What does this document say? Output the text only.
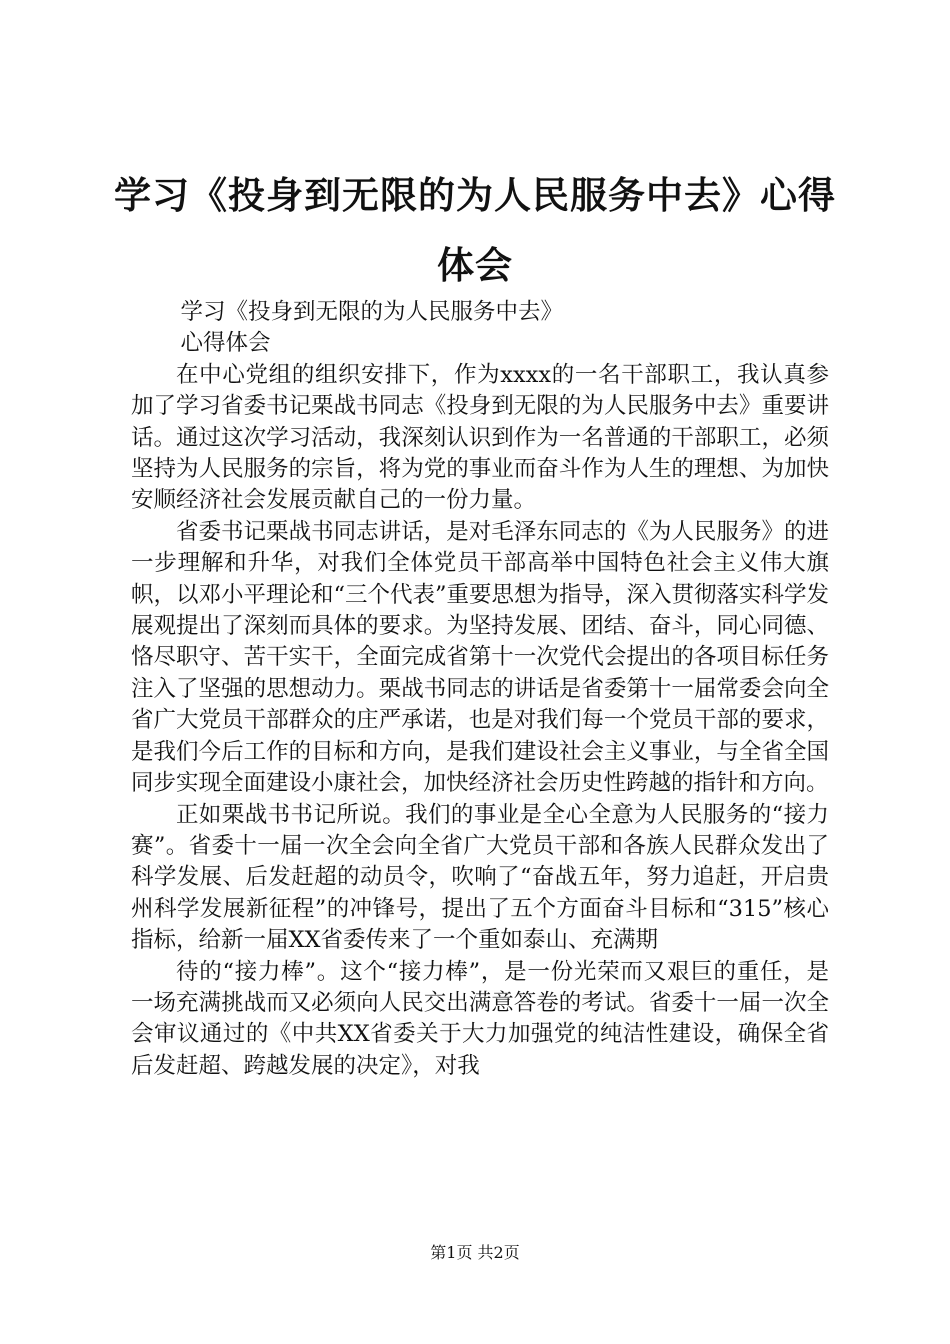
学习《投身到无限的为人民服务中去》心得体会

学习《投身到无限的为人民服务中去》

心得体会

在中心党组的组织安排下，作为xxxx的一名干部职工，我认真参加了学习省委书记栗战书同志《投身到无限的为人民服务中去》重要讲话。通过这次学习活动，我深刻认识到作为一名普通的干部职工，必须坚持为人民服务的宗旨，将为党的事业而奋斗作为人生的理想、为加快安顺经济社会发展贡献自己的一份力量。

省委书记栗战书同志讲话，是对毛泽东同志的《为人民服务》的进一步理解和升华，对我们全体党员干部高举中国特色社会主义伟大旗帜，以邓小平理论和“三个代表”重要思想为指导，深入贯彻落实科学发展观提出了深刻而具体的要求。为坚持发展、团结、奋斗，同心同德、恪尽职守、苦干实干，全面完成省第十一次党代会提出的各项目标任务注入了坚强的思想动力。栗战书同志的讲话是省委第十一届常委会向全省广大党员干部群众的庄严承诺，也是对我们每一个党员干部的要求，是我们今后工作的目标和方向，是我们建设社会主义事业，与全省全国同步实现全面建设小康社会，加快经济社会历史性跨越的指针和方向。

正如栗战书书记所说。我们的事业是全心全意为人民服务的“接力赛”。省委十一届一次全会向全省广大党员干部和各族人民群众发出了科学发展、后发赶超的动员令，吹响了“奋战五年，努力追赶，开启贵州科学发展新征程”的冲锋号，提出了五个方面奋斗目标和“315”核心指标，给新一届XX省委传来了一个重如泰山、充满期

待的“接力棒”。这个“接力棒”，是一份光荣而又艰巨的重任，是一场充满挑战而又必须向人民交出满意答卷的考试。省委十一届一次全会审议通过的《中共XX省委关于大力加强党的纯洁性建设，确保全省后发赶超、跨越发展的决定》，对我

第1页 共2页
